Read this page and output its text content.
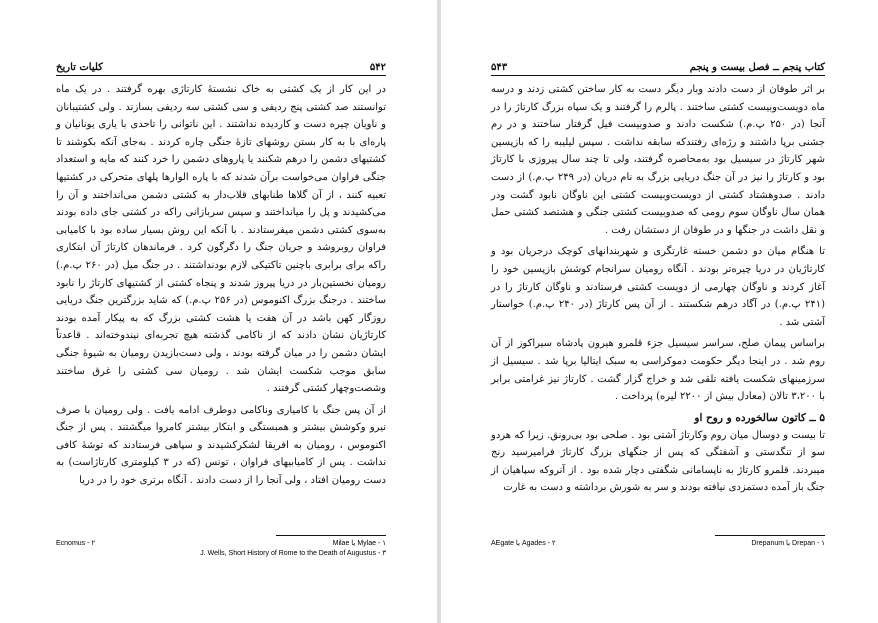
۵۴۲
کلیات تاریخ

در این کار از یک کشتی به خاک نشستهٔ کارتاژی بهره گرفتند . در یک ماه توانستند صد کشتی پنج ردیفی و سی کشتی سه ردیفی بسازند . ولی کشتیبانان و ناویان چیره دست و کاردیده نداشتند . این ناتوانی را تاحدی با یاری یونانیان و پاره‌ای با به کار بستن روشهای تازهٔ جنگی چاره کردند . به‌جای آنکه بکوشند تا کشتیهای دشمن را درهم شکنند یا پاروهای دشمن را خرد کنند که مایه و استعداد جنگی فراوان می‌خواست برآن شدند که با پاره الوارها پلهای متحرکی در کشتیها تعبیه کنند ، از آن گلاها طنابهای قلاب‌دار به کشتی دشمن می‌انداختند و آن را می‌کشیدند و پل را میانداختند و سپس سربازانی راکه در کشتی جای داده بودند به‌سوی کشتی دشمن میفرستادند . با آنکه این روش بسیار ساده بود با کامیابی فراوان روبروشد و جریان جنگ را دگرگون کرد . فرماندهان کارتاژ آن ابتکاری راکه برای برابری باچنین تاکتیکی لازم بودنداشتند . در جنگ میل (در ۲۶۰ پ.م.) رومیان نخستین‌بار در دریا پیروز شدند و پنجاه کشتی از کشتیهای کارتاژ را نابود ساختند . درجنگ بزرگ اکنوموس (در ۲۵۶ پ.م.) که شاید بزرگترین جنگ دریایی روزگار کهن باشد در آن هفت یا هشت کشتی بزرگ که به پیکار آمده بودند کارتاژیان نشان دادند که از ناکامی گذشته هیچ تجربه‌ای نیندوخته‌اند . قاعدتاً ایشان دشمن را در میان گرفته بودند ، ولی دست‌بازیدن رومیان به شیوهٔ جنگی سابق موجب شکست ایشان شد . رومیان سی کشتی را غرق ساختند وشصت‌وچهار کشتی گرفتند .

از آن پس جنگ با کامیاری وناکامی دوطرف ادامه یافت . ولی رومیان با صرف نیرو وکوشش بیشتر و همبستگی و ابتکار بیشتر کامروا میگشتند . پس از جنگ اکنوموس ، رومیان به افریقا لشکرکشیدند و سپاهی فرستادند که توشهٔ کافی نداشت . پس از کامیابیهای فراوان ، تونس (که در ۳ کیلومتری کارتاژاست) به دست رومیان افتاد ، ولی آنجا را از دست دادند . آنگاه برتری خود را در دریا

Ecnomus - ۲	Milae یا Mylae - ۱
J. Wells, Short History of Rome to the Death of Augustus - ۳
کتاب پنجم ــ فصل بیست و پنجم
۵۴۳

بر اثر طوفان از دست دادند وبار دیگر دست به کار ساختن کشتی زدند و درسه ماه دویست‌وبیست کشتی ساختند . پالرم را گرفتند و یک سپاه بزرگ کارتاژ را در آنجا (در ۲۵۰ پ.م.) شکست دادند و صدوبیست فیل گرفتار ساختند و در رم جشنی برپا داشتند و رژه‌ای رفتندکه سابقه نداشت . سپس لیلیبه را که بازپسین شهر کارتاژ در سیسیل بود به‌محاصره گرفتند، ولی تا چند سال پیروزی با کارتاژ بود و کارتاژ را نیز در آن جنگ دریایی بزرگ به نام دریان (در ۲۴۹ پ.م.) از دست دادند . صدوهشتاد کشتی از دویست‌وبیست کشتی این ناوگان نابود گشت ودر همان سال ناوگان سوم رومی که صدوبیست کشتی جنگی و هشتصد کشتی حمل و نقل داشت در جنگها و در طوفان از دستشان رفت .

تا هنگام میان دو دشمن خسته غارتگری و شهربندانهای کوچک درجریان بود و کارتاژیان در دریا چیره‌تر بودند . آنگاه رومیان سرانجام کوشش بازپسین خود را آغاز کردند و ناوگان چهارمی از دویست کشتی فرستادند و ناوگان کارتاژ را در (۲۴۱ پ.م.) در آگاد درهم شکستند . از آن پس کارتاژ (در ۲۴۰ پ.م.) خواستار آشتی شد .

براساس پیمان صلح، سراسر سیسیل جزء قلمرو هیرون پادشاه سیراکوز از آن روم شد . در اینجا دیگر حکومت دموکراسی به سبک ایتالیا برپا شد . سیسیل از سرزمینهای شکست یافته تلقی شد و خراج گزار گشت . کارتاژ نیز غرامتی برابر با ۳،۲۰۰ تالان (معادل بیش از ۲۲۰۰ لیره) پرداخت .

۵ ــ کاتون سالخورده و روح او

تا بیست و دوسال میان روم وکارتاژ آشتی بود . صلحی بود بی‌رونق. زیرا که هردو سو از تنگدستی و آشفتگی که پس از جنگهای بزرگ کارتاژ فرامیرسید رنج میبردند. قلمرو کارتاژ به ناپسامانی شگفتی دچار شده بود . از آنروکه سپاهیان از جنگ باز آمده دستمزدی نیافته بودند و سر به شورش برداشته و دست به غارت

AEgate یا Agades - ۲	Drepanum یا Drepan - ۱
